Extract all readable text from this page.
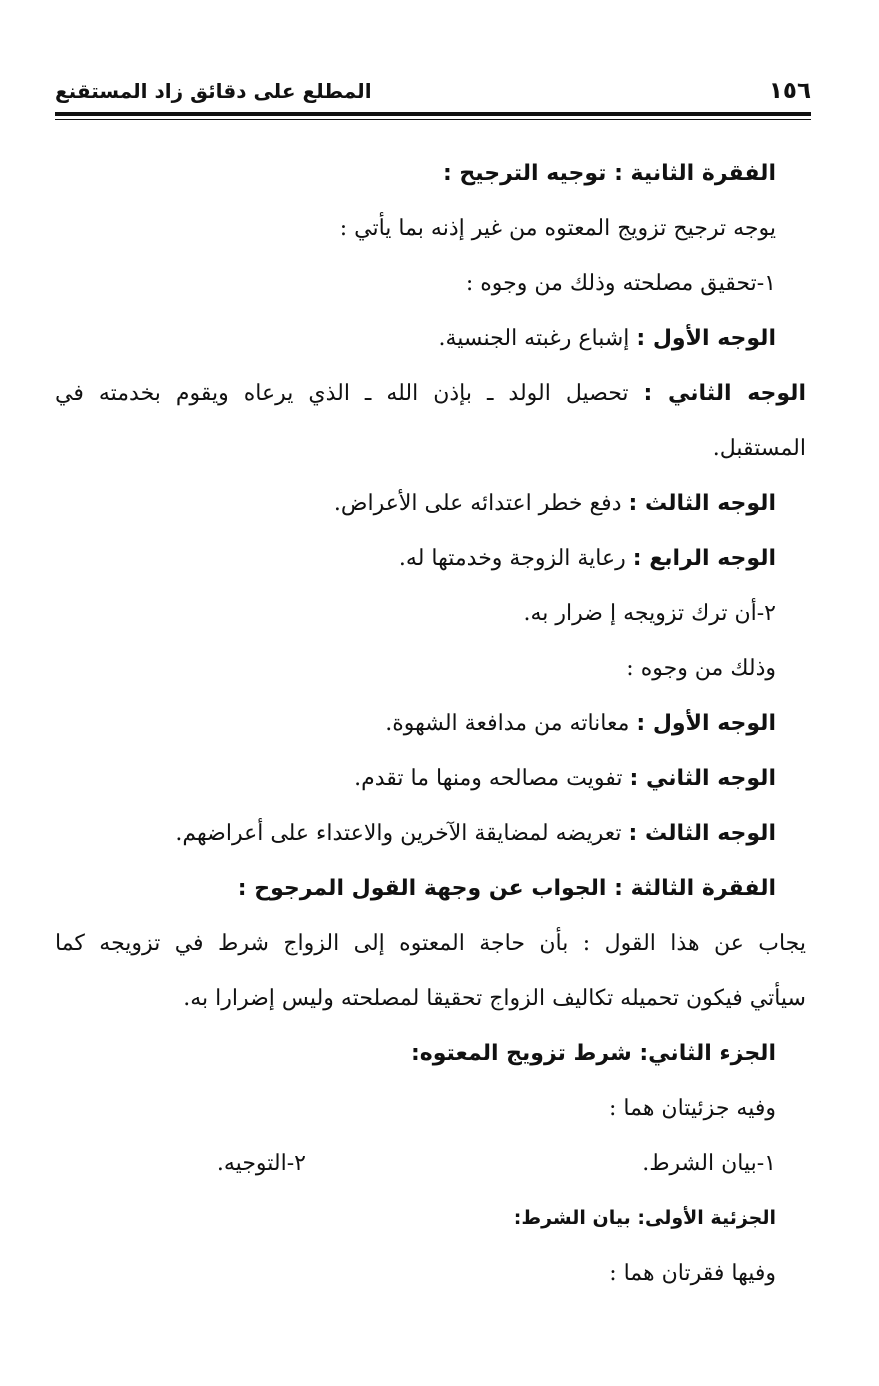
١٥٦
المطلع على دقائق زاد المستقنع
الفقرة الثانية : توجيه الترجيح :
يوجه ترجيح تزويج المعتوه من غير إذنه بما يأتي :
١-تحقيق مصلحته وذلك من وجوه :
الوجه الأول : إشباع رغبته الجنسية.
الوجه الثاني : تحصيل الولد ـ بإذن الله ـ الذي يرعاه ويقوم بخدمته في
المستقبل.
الوجه الثالث : دفع خطر اعتدائه على الأعراض.
الوجه الرابع : رعاية الزوجة وخدمتها له.
٢-أن ترك تزويجه إ ضرار به.
وذلك من وجوه :
الوجه الأول : معاناته من مدافعة الشهوة.
الوجه الثاني : تفويت مصالحه ومنها ما تقدم.
الوجه الثالث : تعريضه لمضايقة الآخرين والاعتداء على أعراضهم.
الفقرة الثالثة : الجواب عن وجهة القول المرجوح :
يجاب عن هذا القول : بأن حاجة المعتوه إلى الزواج شرط في تزويجه كما
سيأتي فيكون تحميله تكاليف الزواج تحقيقا لمصلحته وليس إضرارا به.
الجزء الثاني: شرط تزويج المعتوه:
وفيه جزئيتان هما :
١-بيان الشرط.
٢-التوجيه.
الجزئية الأولى: بيان الشرط:
وفيها فقرتان هما :
